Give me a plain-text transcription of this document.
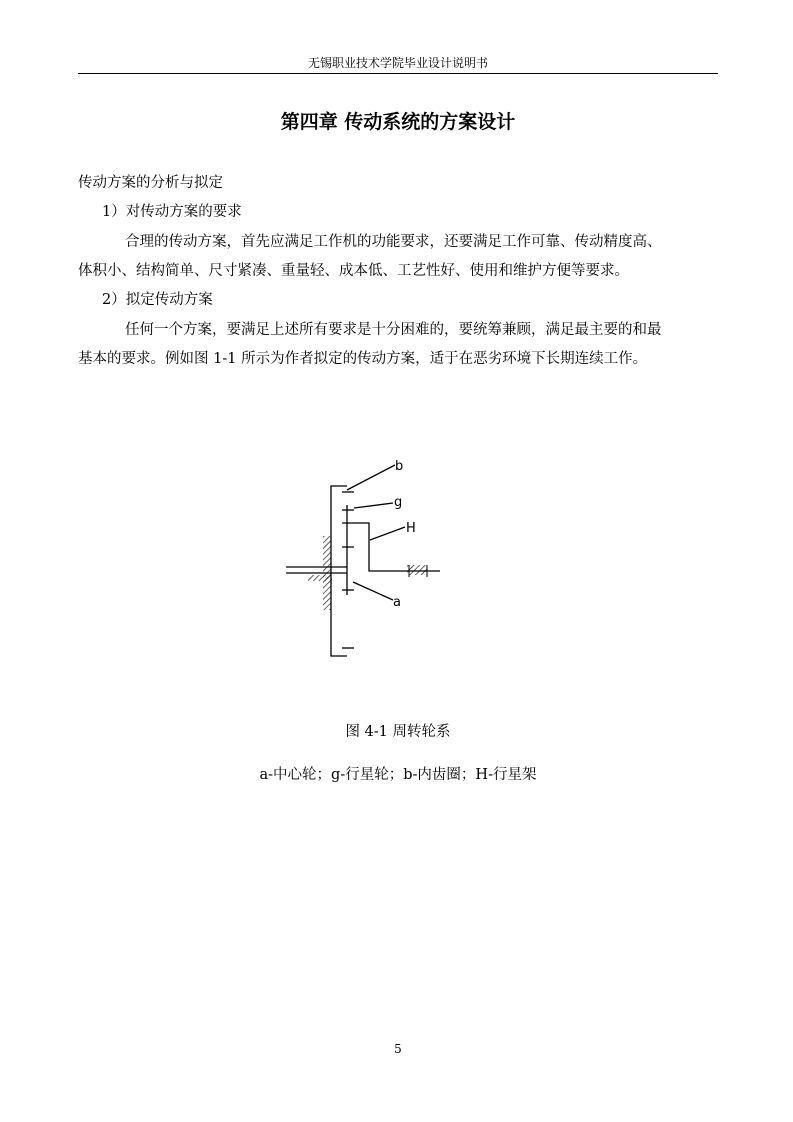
无锡职业技术学院毕业设计说明书
第四章 传动系统的方案设计
传动方案的分析与拟定
1）对传动方案的要求
合理的传动方案，首先应满足工作机的功能要求，还要满足工作可靠、传动精度高、
体积小、结构简单、尺寸紧凑、重量轻、成本低、工艺性好、使用和维护方便等要求。
2）拟定传动方案
任何一个方案，要满足上述所有要求是十分困难的，要统筹兼顾，满足最主要的和最
基本的要求。例如图 1-1 所示为作者拟定的传动方案，适于在恶劣环境下长期连续工作。
b
g
H
a
图 4-1 周转轮系
a-中心轮；g-行星轮；b-内齿圈；H-行星架
5
